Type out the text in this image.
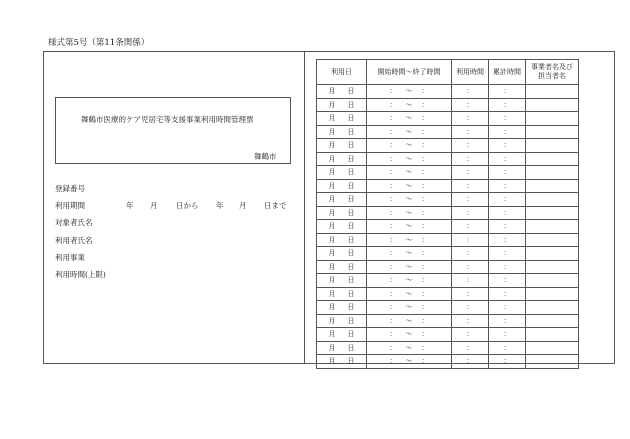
様式第5号（第11条関係）
舞鶴市医療的ケア児居宅等支援事業利用時間管理票
舞鶴市
登録番号
利用期間	年 月 日から 年 月 日まで
対象者氏名
利用者氏名
利用事業
利用時間(上限)
利用日	開始時間～終了時間	利用時間	累計時間	事業者名及び
担当者名
月 日	： ～ ：	：	：	
月 日	： ～ ：	：	：	
月 日	： ～ ：	：	：	
月 日	： ～ ：	：	：	
月 日	： ～ ：	：	：	
月 日	： ～ ：	：	：	
月 日	： ～ ：	：	：	
月 日	： ～ ：	：	：	
月 日	： ～ ：	：	：	
月 日	： ～ ：	：	：	
月 日	： ～ ：	：	：	
月 日	： ～ ：	：	：	
月 日	： ～ ：	：	：	
月 日	： ～ ：	：	：	
月 日	： ～ ：	：	：	
月 日	： ～ ：	：	：	
月 日	： ～ ：	：	：	
月 日	： ～ ：	：	：	
月 日	： ～ ：	：	：	
月 日	： ～ ：	：	：	
月 日	： ～ ：	：	：	
